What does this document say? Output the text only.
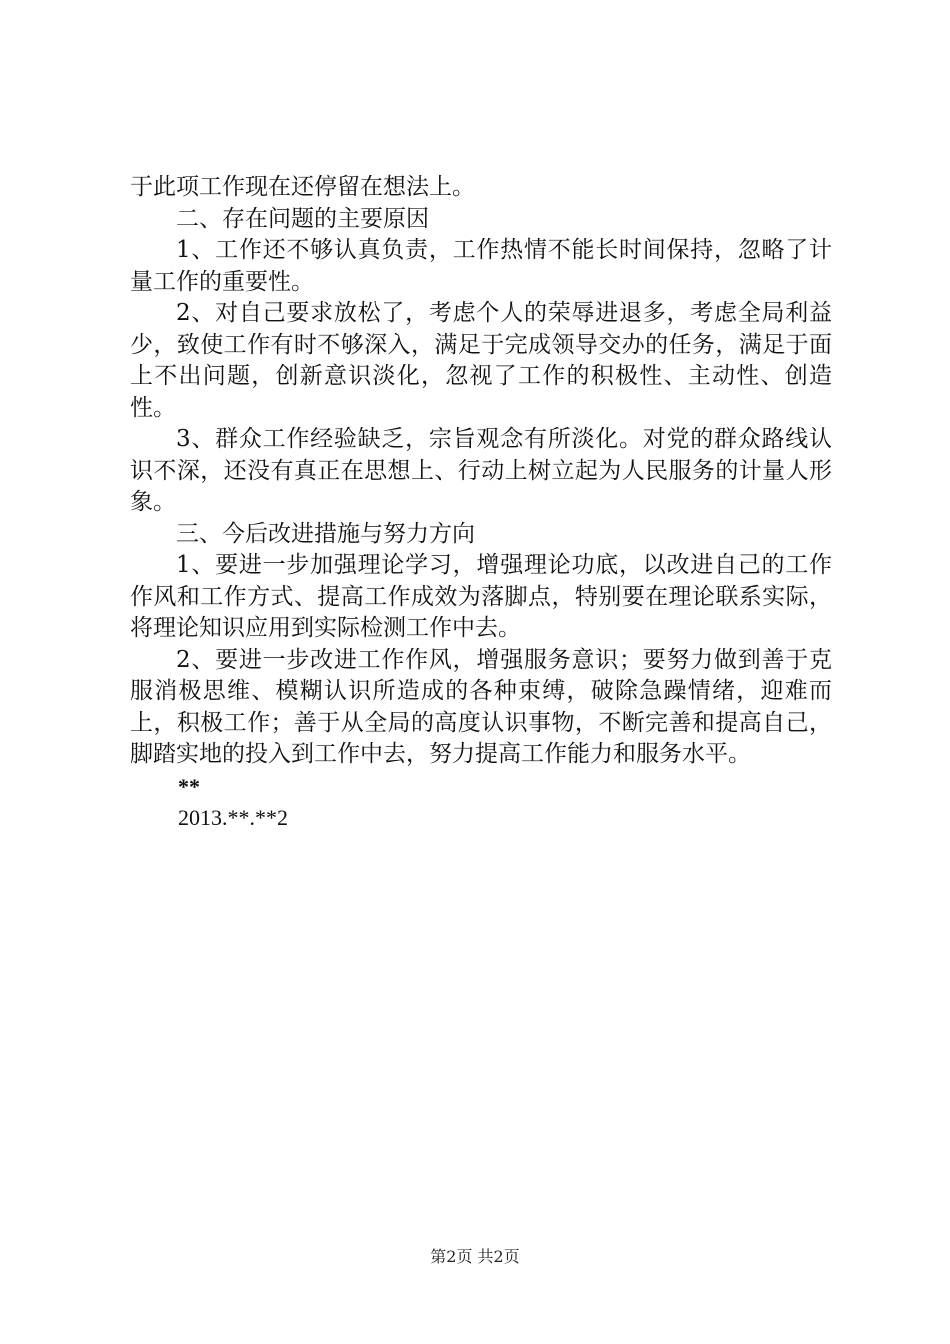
于此项工作现在还停留在想法上。

二、存在问题的主要原因

1、工作还不够认真负责，工作热情不能长时间保持，忽略了计量工作的重要性。

2、对自己要求放松了，考虑个人的荣辱进退多，考虑全局利益少，致使工作有时不够深入，满足于完成领导交办的任务，满足于面上不出问题，创新意识淡化，忽视了工作的积极性、主动性、创造性。

3、群众工作经验缺乏，宗旨观念有所淡化。对党的群众路线认识不深，还没有真正在思想上、行动上树立起为人民服务的计量人形象。

三、今后改进措施与努力方向

1、要进一步加强理论学习，增强理论功底，以改进自己的工作作风和工作方式、提高工作成效为落脚点，特别要在理论联系实际，将理论知识应用到实际检测工作中去。

2、要进一步改进工作作风，增强服务意识；要努力做到善于克服消极思维、模糊认识所造成的各种束缚，破除急躁情绪，迎难而上，积极工作；善于从全局的高度认识事物，不断完善和提高自己，脚踏实地的投入到工作中去，努力提高工作能力和服务水平。

**

2013.**.**2

第2页 共2页
